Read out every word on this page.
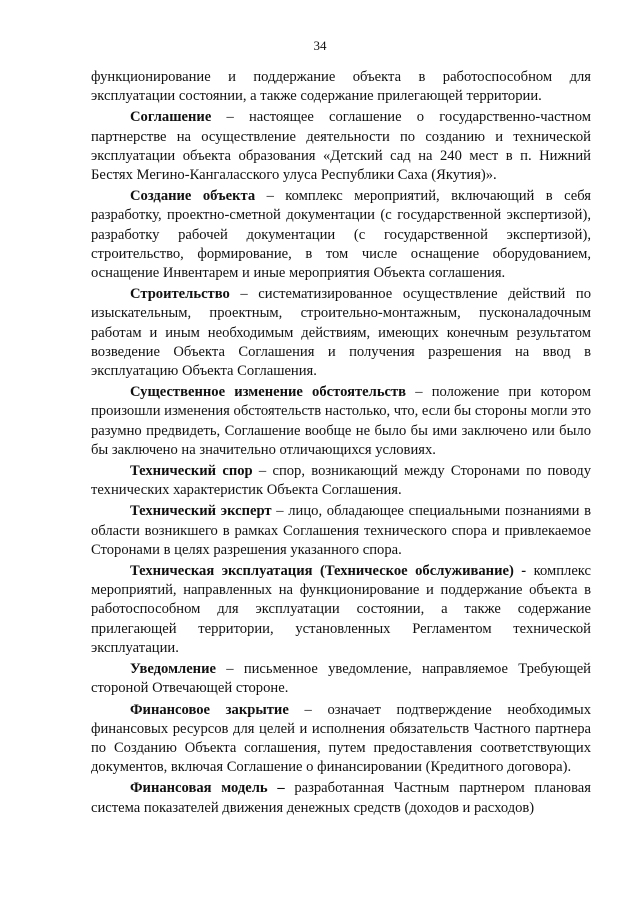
34

функционирование и поддержание объекта в работоспособном для эксплуатации состоянии, а также содержание прилегающей территории.

Соглашение – настоящее соглашение о государственно-частном партнерстве на осуществление деятельности по созданию и технической эксплуатации объекта образования «Детский сад на 240 мест в п. Нижний Бестях Мегино-Кангаласского улуса Республики Саха (Якутия)».

Создание объекта – комплекс мероприятий, включающий в себя разработку, проектно-сметной документации (с государственной экспертизой), разработку рабочей документации (с государственной экспертизой), строительство, формирование, в том числе оснащение оборудованием, оснащение Инвентарем и иные мероприятия Объекта соглашения.

Строительство – систематизированное осуществление действий по изыскательным, проектным, строительно-монтажным, пусконаладочным работам и иным необходимым действиям, имеющих конечным результатом возведение Объекта Соглашения и получения разрешения на ввод в эксплуатацию Объекта Соглашения.

Существенное изменение обстоятельств – положение при котором произошли изменения обстоятельств настолько, что, если бы стороны могли это разумно предвидеть, Соглашение вообще не было бы ими заключено или было бы заключено на значительно отличающихся условиях.

Технический спор – спор, возникающий между Сторонами по поводу технических характеристик Объекта Соглашения.

Технический эксперт – лицо, обладающее специальными познаниями в области возникшего в рамках Соглашения технического спора и привлекаемое Сторонами в целях разрешения указанного спора.

Техническая эксплуатация (Техническое обслуживание) - комплекс мероприятий, направленных на функционирование и поддержание объекта в работоспособном для эксплуатации состоянии, а также содержание прилегающей территории, установленных Регламентом технической эксплуатации.

Уведомление – письменное уведомление, направляемое Требующей стороной Отвечающей стороне.

Финансовое закрытие – означает подтверждение необходимых финансовых ресурсов для целей и исполнения обязательств Частного партнера по Созданию Объекта соглашения, путем предоставления соответствующих документов, включая Соглашение о финансировании (Кредитного договора).

Финансовая модель – разработанная Частным партнером плановая система показателей движения денежных средств (доходов и расходов)
